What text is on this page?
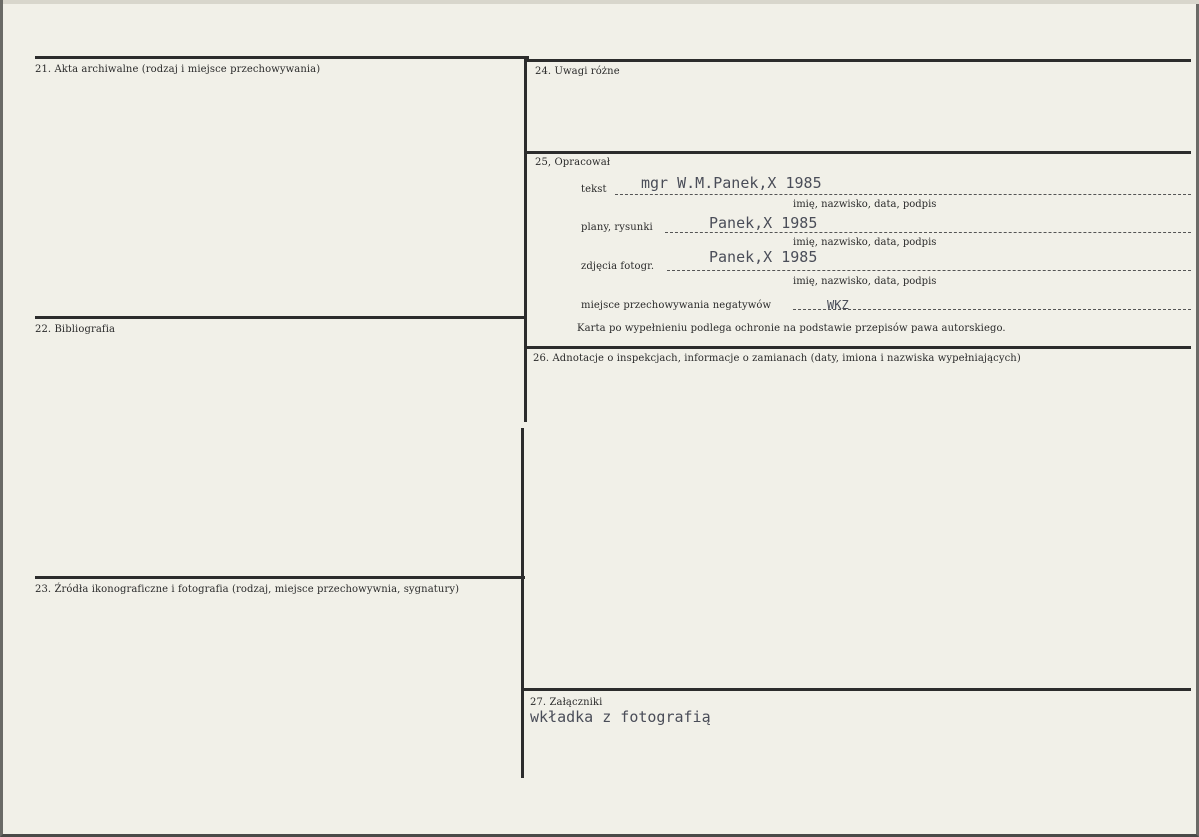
21. Akta archiwalne (rodzaj i miejsce przechowywania)
22. Bibliografia
23. Źródła ikonograficzne i fotografia (rodzaj, miejsce przechowywnia, sygnatury)
24. Uwagi różne
25, Opracował
tekst mgr W.M.Panek,X 1985
imię, nazwisko, data, podpis
plany, rysunki	Panek,X 1985
imię, nazwisko, data, podpis
zdjęcia fotogr.
Panek,X 1985
imię, nazwisko, data, podpis
miejsce przechowywania negatywów	WKZ
Karta po wypełnieniu podlega ochronie na podstawie przepisów pawa autorskiego.
26. Adnotacje o inspekcjach, informacje o zamianach (daty, imiona i nazwiska wypełniających)
27. Załączniki
wkładka z fotografią
